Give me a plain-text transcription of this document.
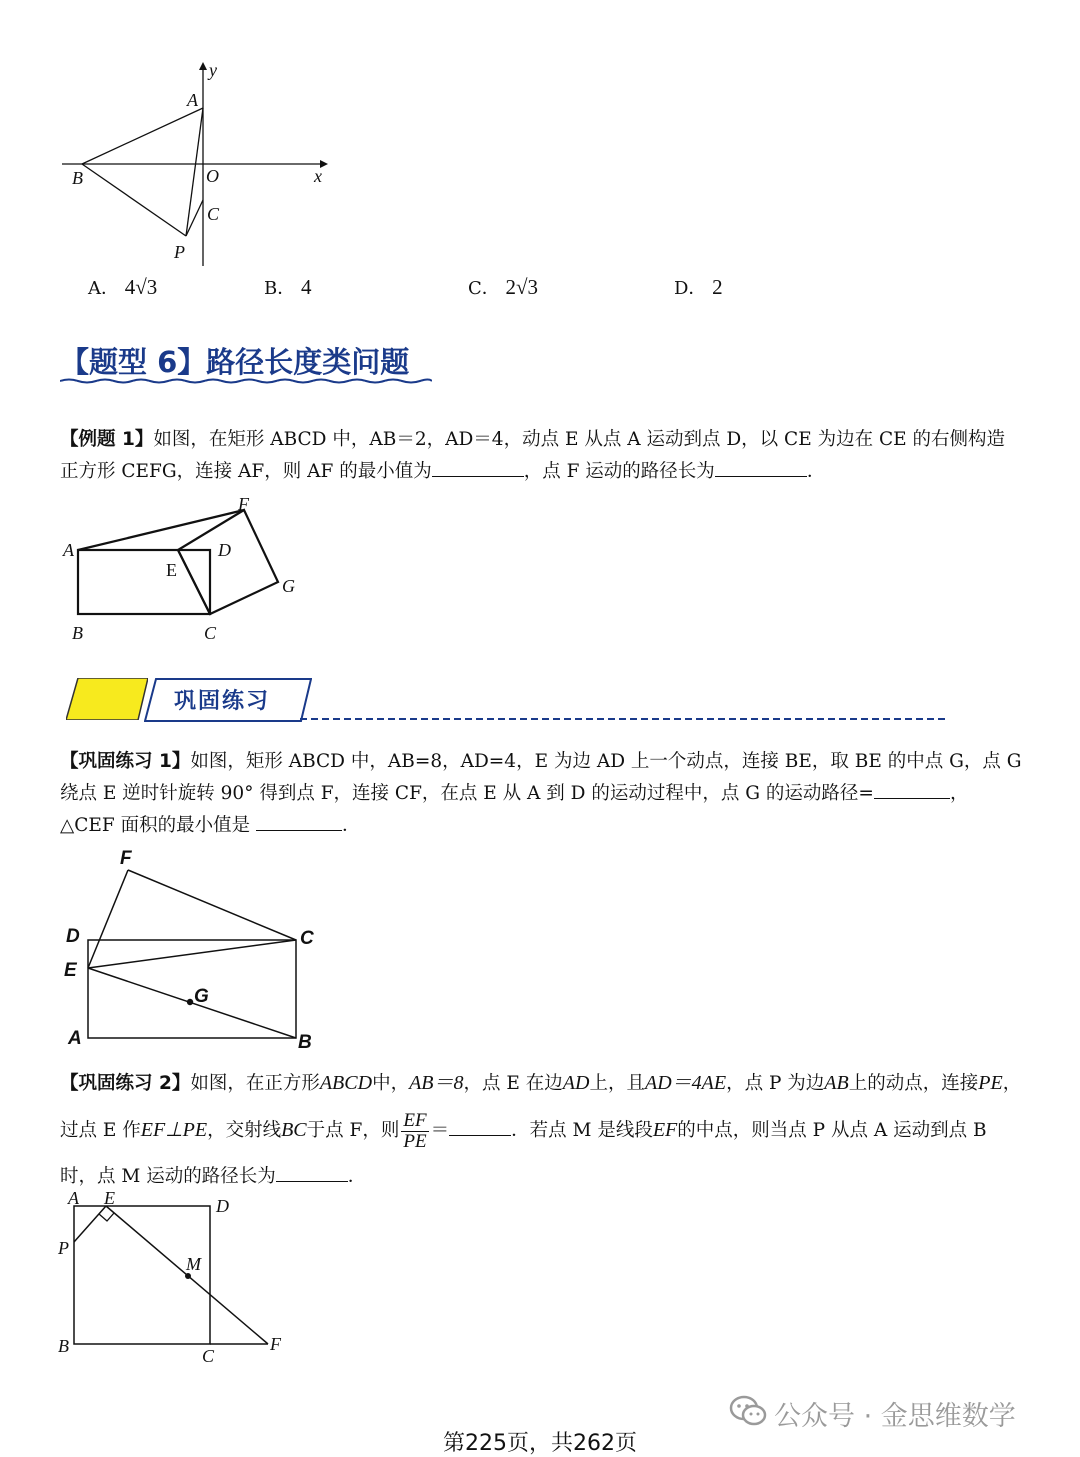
y
A
B	O	x
C
P
A． 4√3	B． 4	C． 2√3	D． 2
【题型 6】路径长度类问题
【例题 1】如图，在矩形 ABCD 中，AB＝2，AD＝4，动点 E 从点 A 运动到点 D，以 CE 为边在 CE 的右侧构造正方形 CEFG，连接 AF，则 AF 的最小值为	，点 F 运动的路径长为	．
A
B	C
D
E
F
G
巩固练习
【巩固练习 1】如图，矩形 ABCD 中，AB=8，AD=4，E 为边 AD 上一个动点，连接 BE，取 BE 的中点 G，点 G 绕点 E 逆时针旋转 90° 得到点 F，连接 CF，在点 E 从 A 到 D 的运动过程中，点 G 的运动路径=	，△CEF 面积的最小值是	．
F
D	C
E
G
A	B
【巩固练习 2】如图，在正方形ABCD中，AB＝8，点 E 在边AD上，且AD＝4AE，点 P 为边AB上的动点，连接PE，过点 E 作EF⊥PE，交射线BC于点 F，则 $\frac{EF}{PE}$ ＝	．若点 M 是线段EF的中点，则当点 P 从点 A 运动到点 B 时，点 M 运动的路径长为	．
A E	D
P
M
B	C
F
公众号 · 金思维数学
第225页，共262页
